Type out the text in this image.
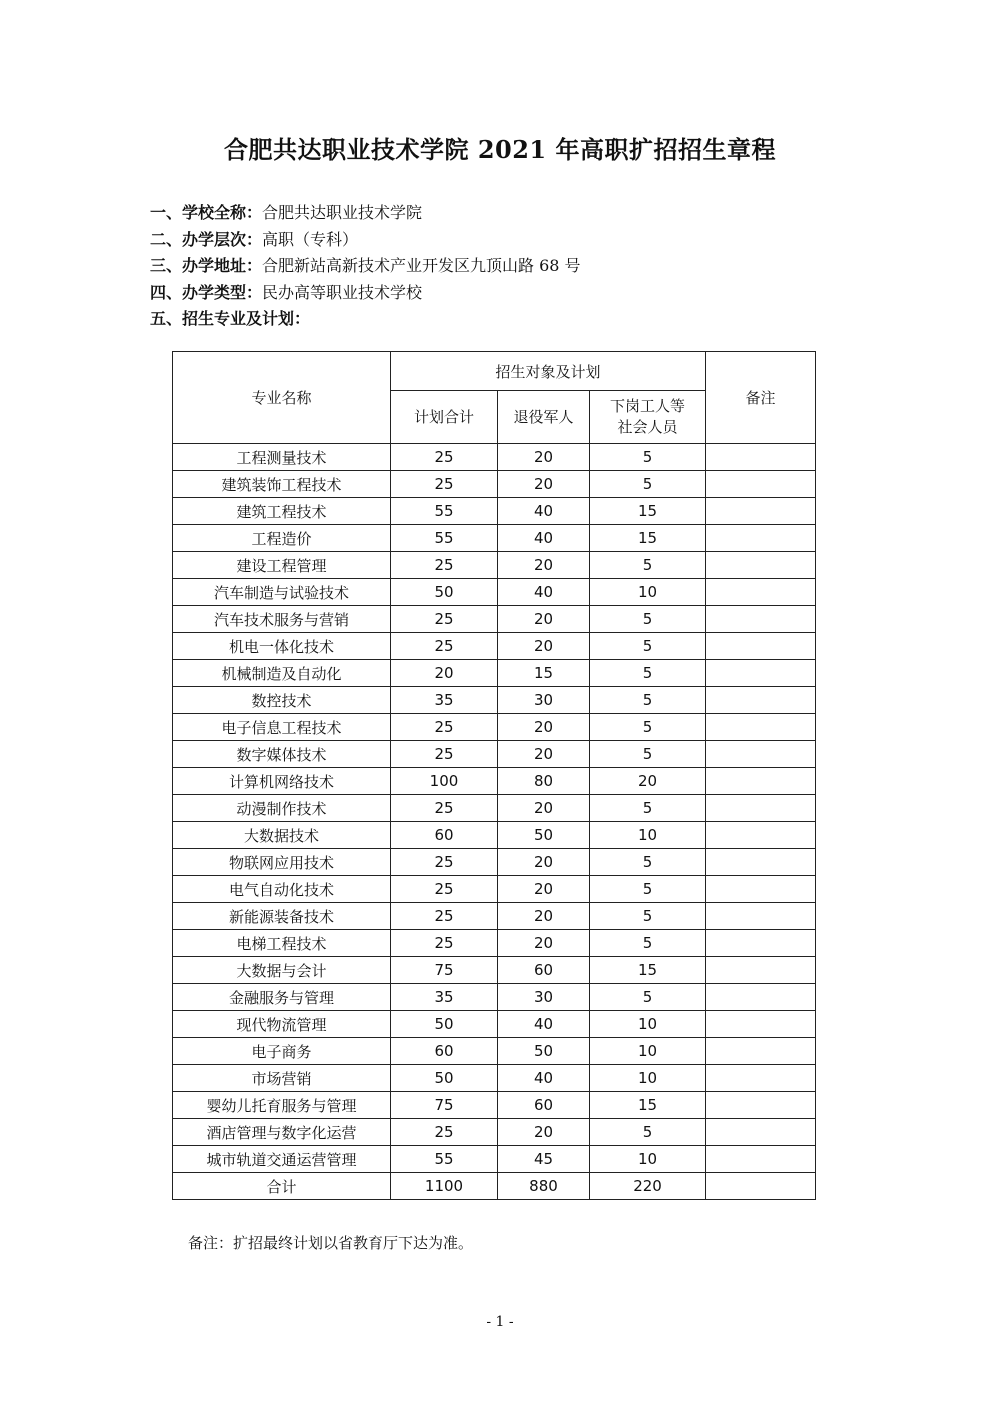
合肥共达职业技术学院 2021 年高职扩招招生章程
一、学校全称：合肥共达职业技术学院
二、办学层次：高职（专科）
三、办学地址：合肥新站高新技术产业开发区九顶山路 68 号
四、办学类型：民办高等职业技术学校
五、招生专业及计划：
专业名称	招生对象及计划			备注
	计划合计	退役军人	下岗工人等社会人员	
工程测量技术	25	20	5	
建筑装饰工程技术	25	20	5	
建筑工程技术	55	40	15	
工程造价	55	40	15	
建设工程管理	25	20	5	
汽车制造与试验技术	50	40	10	
汽车技术服务与营销	25	20	5	
机电一体化技术	25	20	5	
机械制造及自动化	20	15	5	
数控技术	35	30	5	
电子信息工程技术	25	20	5	
数字媒体技术	25	20	5	
计算机网络技术	100	80	20	
动漫制作技术	25	20	5	
大数据技术	60	50	10	
物联网应用技术	25	20	5	
电气自动化技术	25	20	5	
新能源装备技术	25	20	5	
电梯工程技术	25	20	5	
大数据与会计	75	60	15	
金融服务与管理	35	30	5	
现代物流管理	50	40	10	
电子商务	60	50	10	
市场营销	50	40	10	
婴幼儿托育服务与管理	75	60	15	
酒店管理与数字化运营	25	20	5	
城市轨道交通运营管理	55	45	10	
合计	1100	880	220	
备注：扩招最终计划以省教育厅下达为准。
- 1 -
